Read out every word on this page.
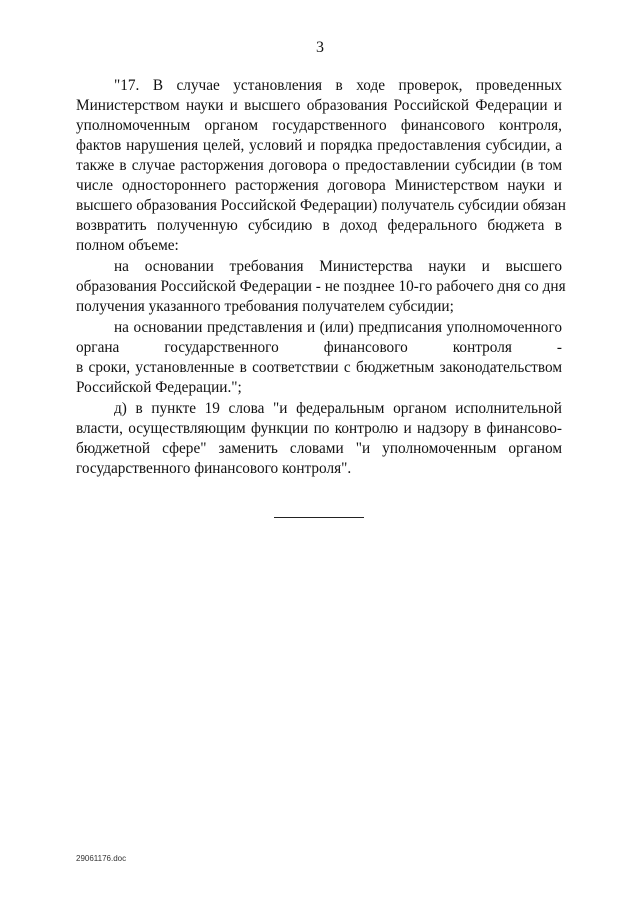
3
"17. В случае установления в ходе проверок, проведенных
Министерством науки и высшего образования Российской Федерации и
уполномоченным органом государственного финансового контроля,
фактов нарушения целей, условий и порядка предоставления субсидии, а
также в случае расторжения договора о предоставлении субсидии (в том
числе одностороннего расторжения договора Министерством науки и
высшего образования Российской Федерации) получатель субсидии обязан
возвратить полученную субсидию в доход федерального бюджета в
полном объеме:
на основании требования Министерства науки и высшего
образования Российской Федерации - не позднее 10-го рабочего дня со дня
получения указанного требования получателем субсидии;
на основании представления и (или) предписания уполномоченного
органа государственного финансового контроля -
в сроки, установленные в соответствии с бюджетным законодательством
Российской Федерации.";
д) в пункте 19 слова "и федеральным органом исполнительной
власти, осуществляющим функции по контролю и надзору в финансово-
бюджетной сфере" заменить словами "и уполномоченным органом
государственного финансового контроля".
29061176.doc
